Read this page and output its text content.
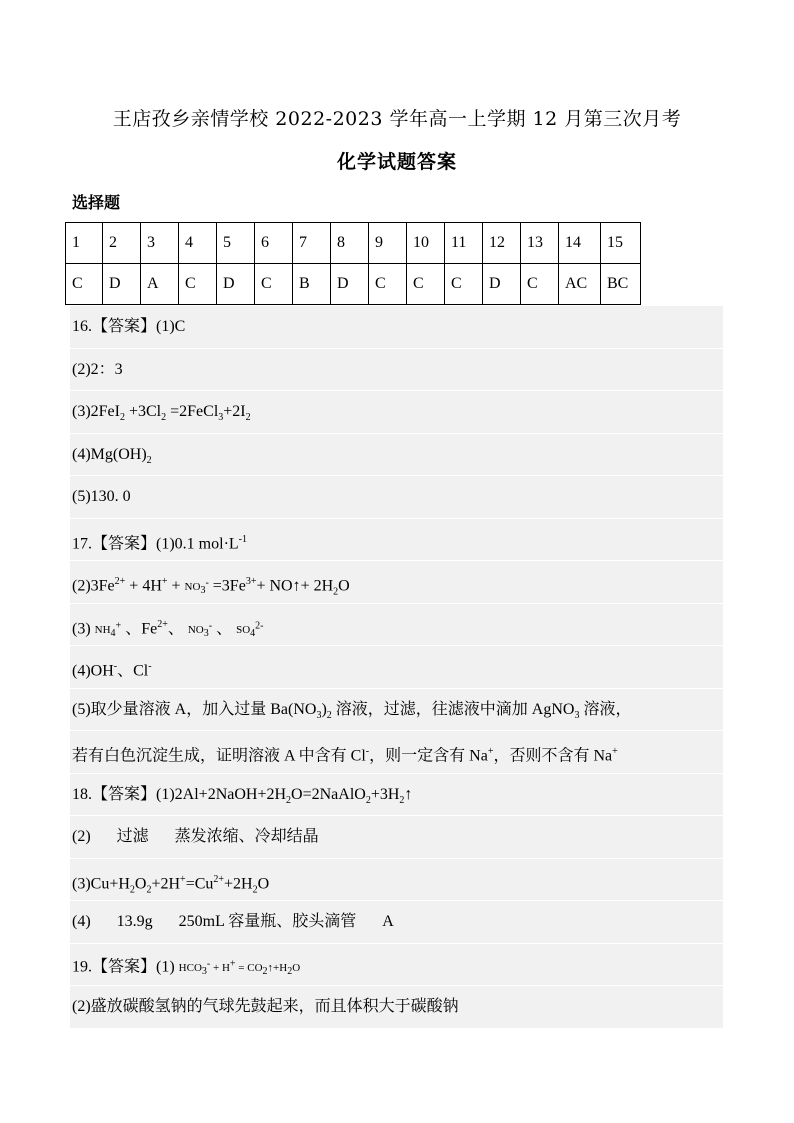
王店孜乡亲情学校 2022-2023 学年高一上学期 12 月第三次月考
化学试题答案
选择题
1	2	3	4	5	6	7	8	9	10	11	12	13	14	15
C	D	A	C	D	C	B	D	C	C	C	D	C	AC	BC
16.【答案】(1)C
(2)2：3
$(3)2FeI_2 +3Cl_2$ $=2FeCl_3+2I_2$
$(4)Mg(OH)_2$
(5)130. 0
17.【答案】(1)0.1 $mol\cdot L^{-1}$
$(2)3Fe^{2+} + 4H^+ + NO_3^- =3Fe^{3+}+$ NO↑+ $2H_2O$
(3) $NH_4^+$ 、$Fe^{2+}$、 $NO_3^-$ 、 $SO_4^{2-}$
(4)OH-、Cl-
(5)取少量溶液 A，加入过量 $Ba(NO_3)_2$ 溶液，过滤，往滤液中滴加 AgNO$_3$ 溶液，
若有白色沉淀生成，证明溶液 A 中含有 Cl-，则一定含有 Na+，否则不含有 Na+
18.【答案】$(1)2Al+2NaOH+2H_2O=2NaAlO_2+3H_2↑$
(2) 过滤 蒸发浓缩、冷却结晶
$(3)Cu+H_2O_2+2H^+=Cu^{2+}+2H_2O$
(4) 13.9g 250mL 容量瓶、胶头滴管 A
19.【答案】(1) $HCO_3^- + H^+$ = $CO_2↑+H_2O$
(2)盛放碳酸氢钠的气球先鼓起来，而且体积大于碳酸钠
